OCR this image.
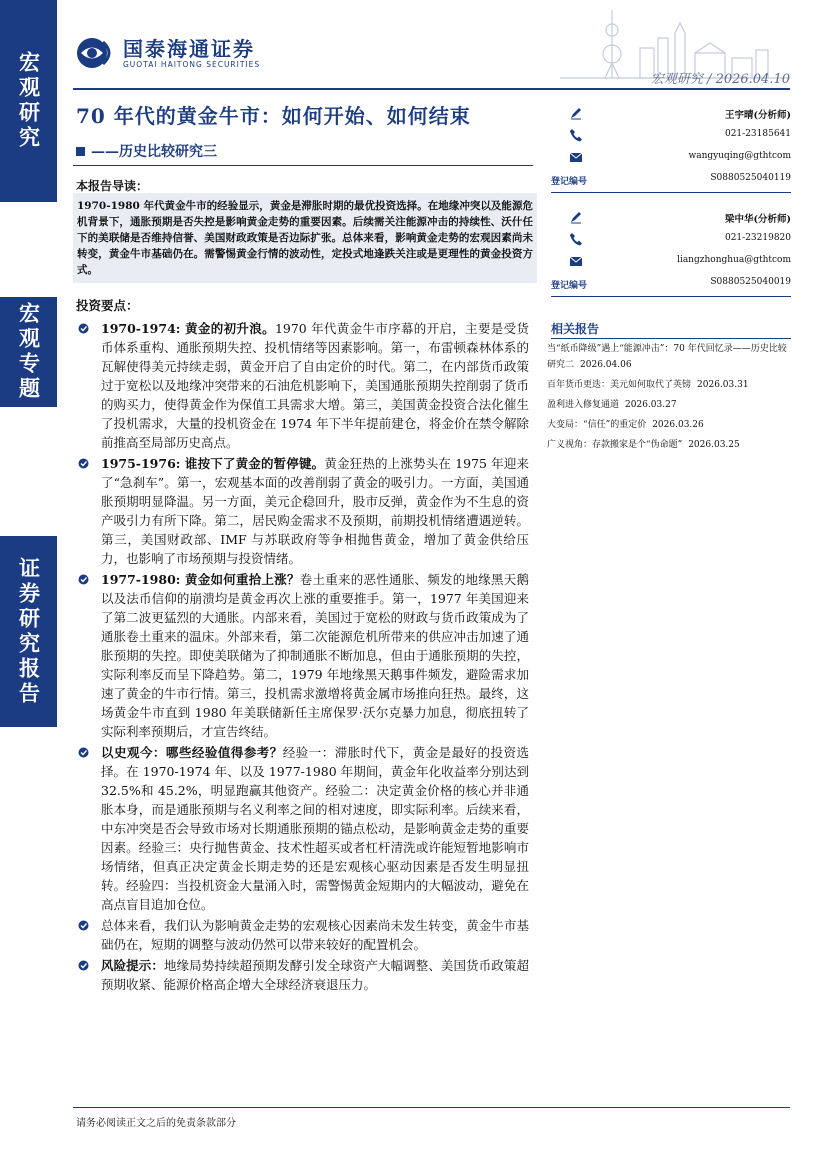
宏观研究
宏观专题
证券研究报告
国泰海通证券
GUOTAI HAITONG SECURITIES
宏观研究 / 2026.04.10
70 年代的黄金牛市：如何开始、如何结束
——历史比较研究三
本报告导读：
1970-1980 年代黄金牛市的经验显示，黄金是滞胀时期的最优投资选择。在地缘冲突以及能源危机背景下，通胀预期是否失控是影响黄金走势的重要因素。后续需关注能源冲击的持续性、沃什任下的美联储是否维持信誉、美国财政政策是否边际扩张。总体来看，影响黄金走势的宏观因素尚未转变，黄金牛市基础仍在。需警惕黄金行情的波动性，定投式地逢跌关注或是更理性的黄金投资方式。
投资要点：
1970-1974: 黄金的初升浪。1970 年代黄金牛市序幕的开启，主要是受货币体系重构、通胀预期失控、投机情绪等因素影响。第一，布雷顿森林体系的瓦解使得美元持续走弱，黄金开启了自由定价的时代。第二，在内部货币政策过于宽松以及地缘冲突带来的石油危机影响下，美国通胀预期失控削弱了货币的购买力，使得黄金作为保值工具需求大增。第三，美国黄金投资合法化催生了投机需求，大量的投机资金在 1974 年下半年提前建仓，将金价在禁令解除前推高至局部历史高点。
1975-1976: 谁按下了黄金的暂停键。黄金狂热的上涨势头在 1975 年迎来了“急刹车”。第一，宏观基本面的改善削弱了黄金的吸引力。一方面，美国通胀预期明显降温。另一方面，美元企稳回升，股市反弹，黄金作为不生息的资产吸引力有所下降。第二，居民购金需求不及预期，前期投机情绪遭遇逆转。第三，美国财政部、IMF 与苏联政府等争相抛售黄金，增加了黄金供给压力，也影响了市场预期与投资情绪。
1977-1980: 黄金如何重拾上涨？卷土重来的恶性通胀、频发的地缘黑天鹅以及法币信仰的崩溃均是黄金再次上涨的重要推手。第一，1977 年美国迎来了第二波更猛烈的大通胀。内部来看，美国过于宽松的财政与货币政策成为了通胀卷土重来的温床。外部来看，第二次能源危机所带来的供应冲击加速了通胀预期的失控。即使美联储为了抑制通胀不断加息，但由于通胀预期的失控，实际利率反而呈下降趋势。第二，1979 年地缘黑天鹅事件频发，避险需求加速了黄金的牛市行情。第三，投机需求激增将黄金属市场推向狂热。最终，这场黄金牛市直到 1980 年美联储新任主席保罗·沃尔克暴力加息，彻底扭转了实际利率预期后，才宣告终结。
以史观今：哪些经验值得参考？经验一：滞胀时代下，黄金是最好的投资选择。在 1970-1974 年、以及 1977-1980 年期间，黄金年化收益率分别达到 32.5%和 45.2%，明显跑赢其他资产。经验二：决定黄金价格的核心并非通胀本身，而是通胀预期与名义利率之间的相对速度，即实际利率。后续来看，中东冲突是否会导致市场对长期通胀预期的锚点松动，是影响黄金走势的重要因素。经验三：央行抛售黄金、技术性超买或者杠杆清洗或许能短暂地影响市场情绪，但真正决定黄金长期走势的还是宏观核心驱动因素是否发生明显扭转。经验四：当投机资金大量涌入时，需警惕黄金短期内的大幅波动，避免在高点盲目追加仓位。
总体来看，我们认为影响黄金走势的宏观核心因素尚未发生转变，黄金牛市基础仍在，短期的调整与波动仍然可以带来较好的配置机会。
风险提示：地缘局势持续超预期发酵引发全球资产大幅调整、美国货币政策超预期收紧、能源价格高企增大全球经济衰退压力。
王宇晴(分析师)
021-23185641
wangyuqing@gthtcom
登记编号	S0880525040119
梁中华(分析师)
021-23219820
liangzhonghua@gthtcom
登记编号	S0880525040019
相关报告
当“纸币降级”遇上“能源冲击”：70 年代回忆录——历史比较研究二 2026.04.06
百年货币更迭：美元如何取代了英镑 2026.03.31
盈利进入修复通道 2026.03.27
大变局：“信任”的重定价 2026.03.26
广义视角：存款搬家是个“伪命题” 2026.03.25
请务必阅读正文之后的免责条款部分
